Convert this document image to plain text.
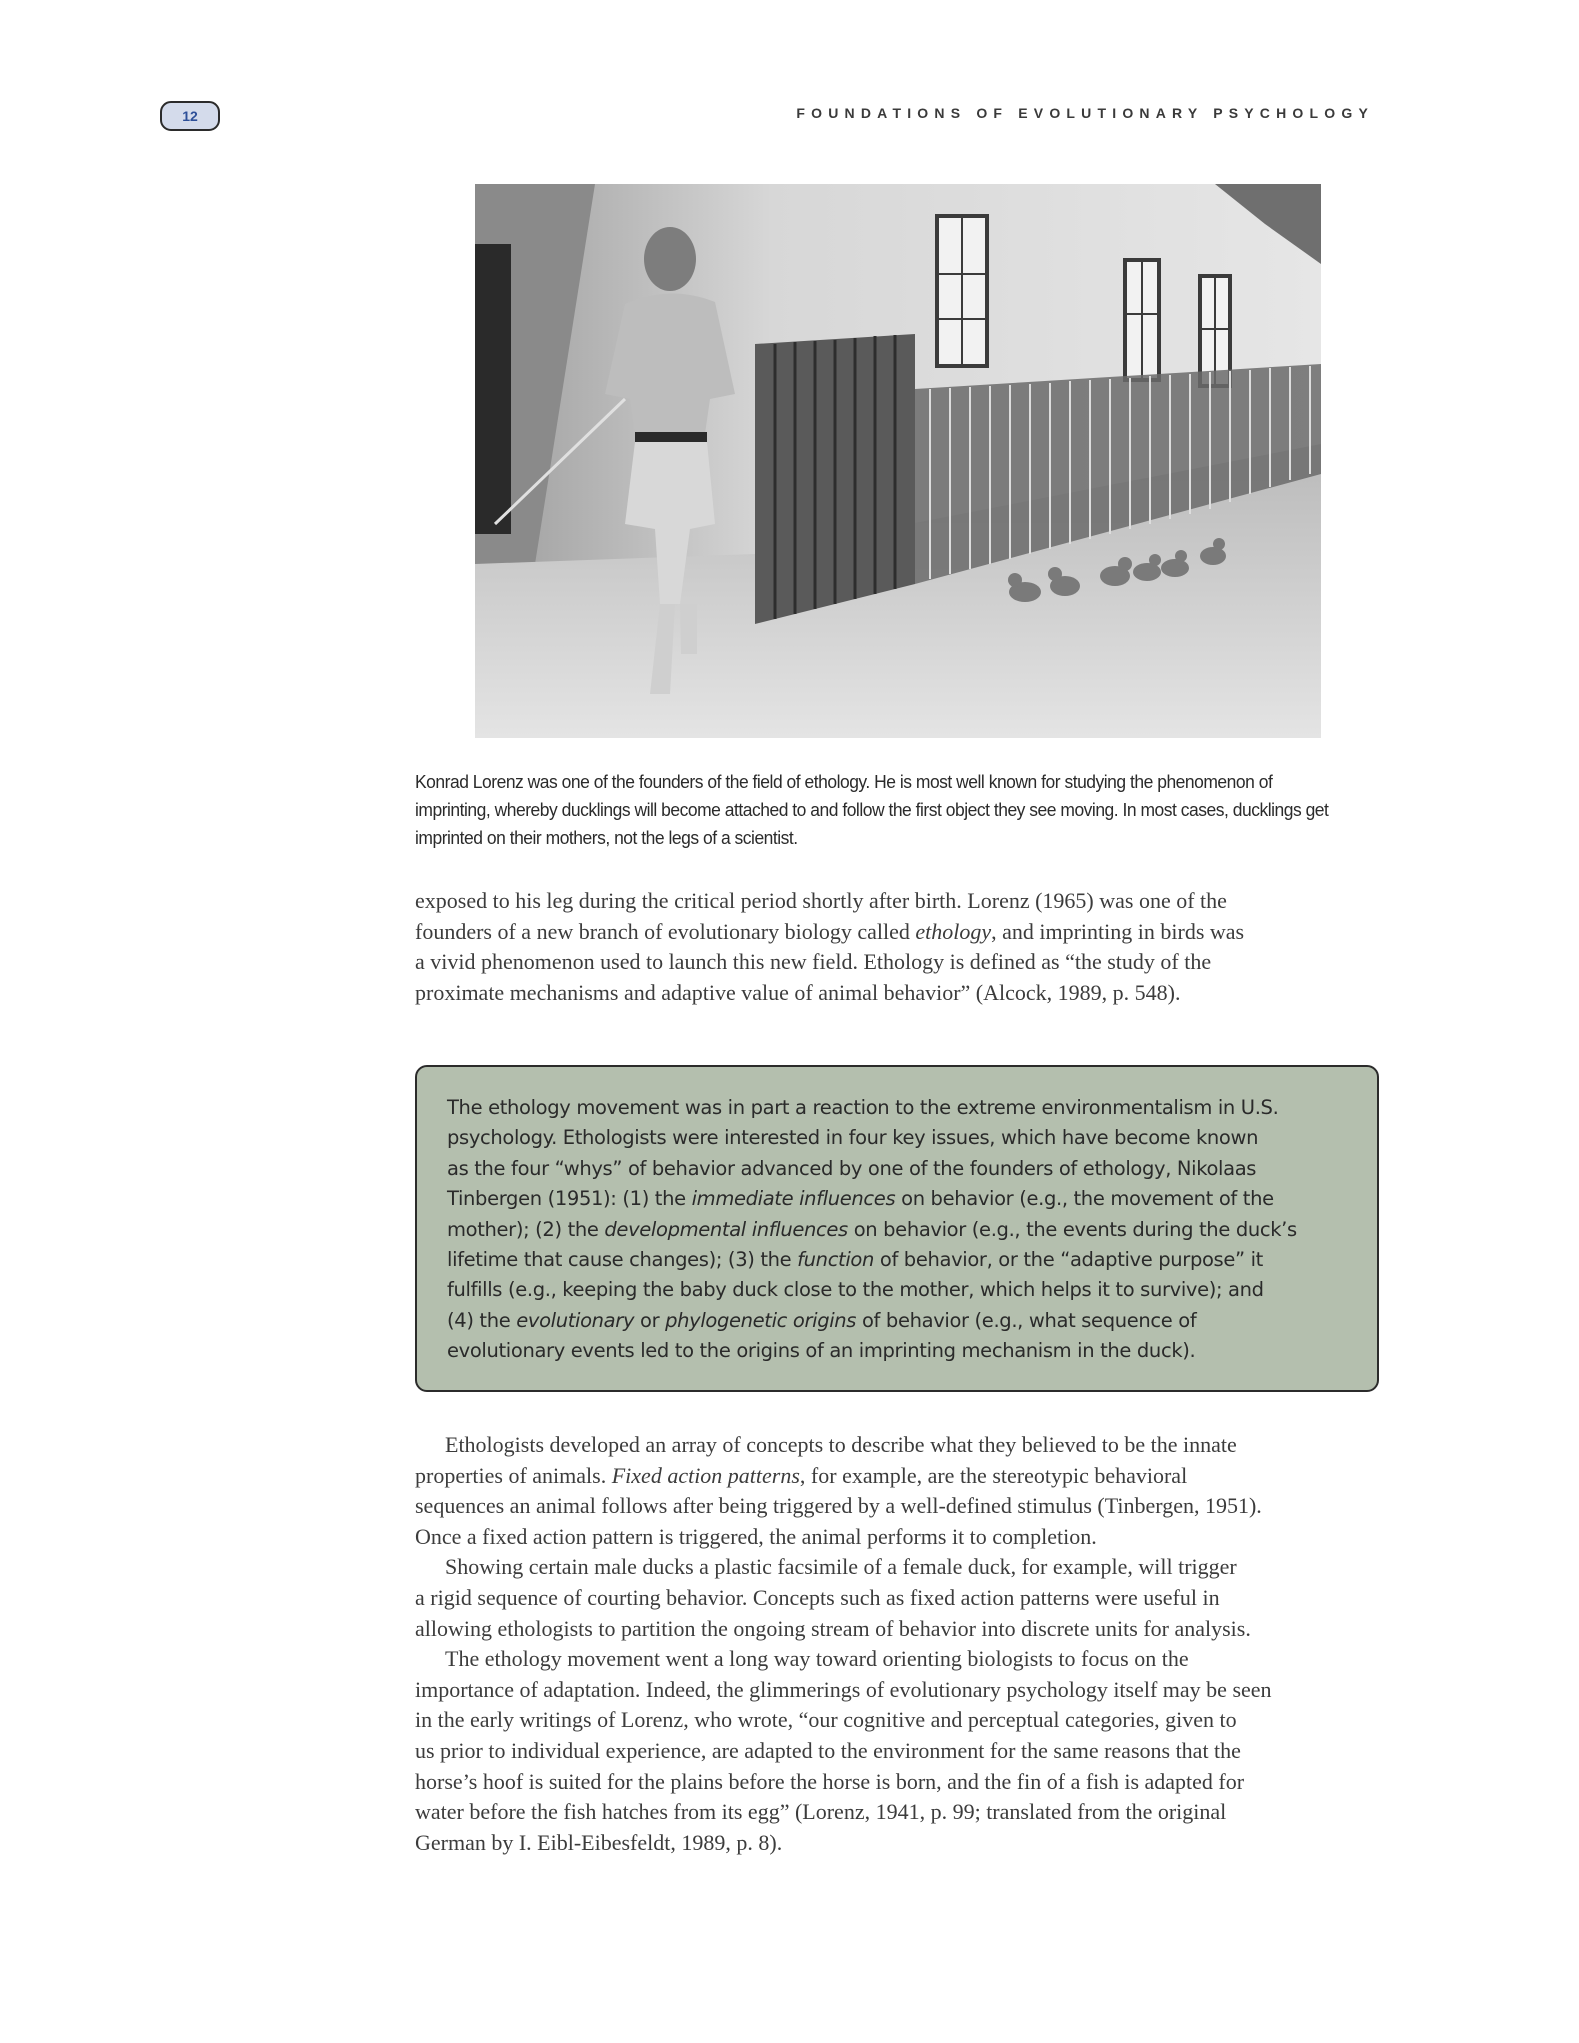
12	FOUNDATIONS OF EVOLUTIONARY PSYCHOLOGY

Konrad Lorenz was one of the founders of the field of ethology. He is most well known for studying the phenomenon of

imprinting, whereby ducklings will become attached to and follow the first object they see moving. In most cases, ducklings get

imprinted on their mothers, not the legs of a scientist.

exposed to his leg during the critical period shortly after birth. Lorenz (1965) was one of the

founders of a new branch of evolutionary biology called ethology, and imprinting in birds was

a vivid phenomenon used to launch this new field. Ethology is defined as “the study of the

proximate mechanisms and adaptive value of animal behavior” (Alcock, 1989, p. 548).

The ethology movement was in part a reaction to the extreme environmentalism in U.S.

psychology. Ethologists were interested in four key issues, which have become known

as the four “whys” of behavior advanced by one of the founders of ethology, Nikolaas

Tinbergen (1951): (1) the immediate influences on behavior (e.g., the movement of the

mother); (2) the developmental influences on behavior (e.g., the events during the duck’s

lifetime that cause changes); (3) the function of behavior, or the “adaptive purpose” it

fulfills (e.g., keeping the baby duck close to the mother, which helps it to survive); and

(4) the evolutionary or phylogenetic origins of behavior (e.g., what sequence of

evolutionary events led to the origins of an imprinting mechanism in the duck).

Ethologists developed an array of concepts to describe what they believed to be the innate

properties of animals. Fixed action patterns, for example, are the stereotypic behavioral

sequences an animal follows after being triggered by a well-defined stimulus (Tinbergen, 1951).

Once a fixed action pattern is triggered, the animal performs it to completion.

Showing certain male ducks a plastic facsimile of a female duck, for example, will trigger

a rigid sequence of courting behavior. Concepts such as fixed action patterns were useful in

allowing ethologists to partition the ongoing stream of behavior into discrete units for analysis.

The ethology movement went a long way toward orienting biologists to focus on the

importance of adaptation. Indeed, the glimmerings of evolutionary psychology itself may be seen

in the early writings of Lorenz, who wrote, “our cognitive and perceptual categories, given to

us prior to individual experience, are adapted to the environment for the same reasons that the

horse’s hoof is suited for the plains before the horse is born, and the fin of a fish is adapted for

water before the fish hatches from its egg” (Lorenz, 1941, p. 99; translated from the original

German by I. Eibl-Eibesfeldt, 1989, p. 8).
